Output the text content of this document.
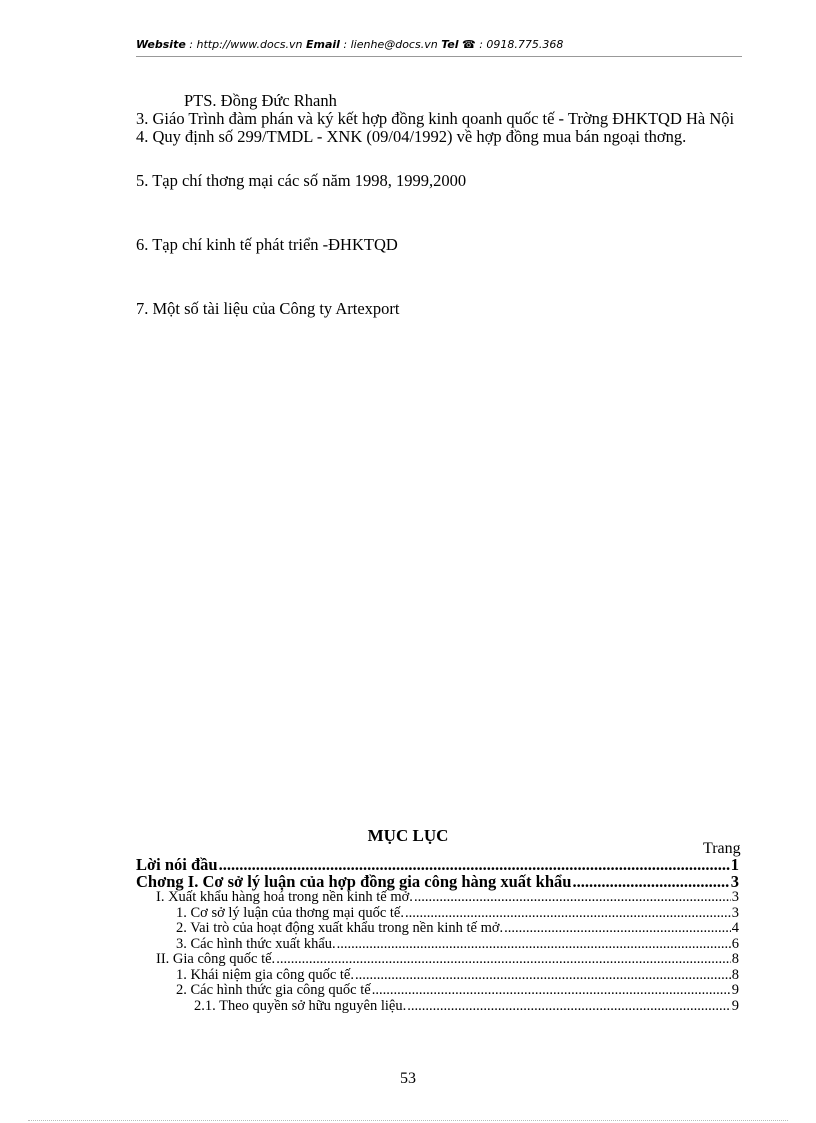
Website : http://www.docs.vn Email : lienhe@docs.vn Tel ☎ : 0918.775.368

PTS. Đồng Đức Rhanh

3. Giáo Trình đàm phán và ký kết hợp đồng kinh qoanh quốc tế - Trờng ĐHKTQD Hà Nội

4. Quy định số 299/TMDL - XNK (09/04/1992) về hợp đồng mua bán ngoại thơng.

5. Tạp chí thơng mại các số năm 1998, 1999,2000

6. Tạp chí kinh tế phát triển -ĐHKTQD

7. Một số tài liệu của Công ty Artexport

MỤC LỤC
Trang
Lời nói đầu .....	1
Chơng I. Cơ sở lý luận của hợp đồng gia công hàng xuất khẩu .....	3
I. Xuất khẩu hàng hoá trong nền kinh tế mở. .....	3
1. Cơ sở lý luận của thơng mại quốc tế. .....	3
2. Vai trò của hoạt động xuất khẩu trong nền kinh tế mở. .....	4
3. Các hình thức xuất khẩu. .....	6
II. Gia công quốc tế. .....	8
1. Khái niệm gia công quốc tế. .....	8
2. Các hình thức gia công quốc tế .....	9
2.1. Theo quyền sở hữu nguyên liệu. .....	9
53
